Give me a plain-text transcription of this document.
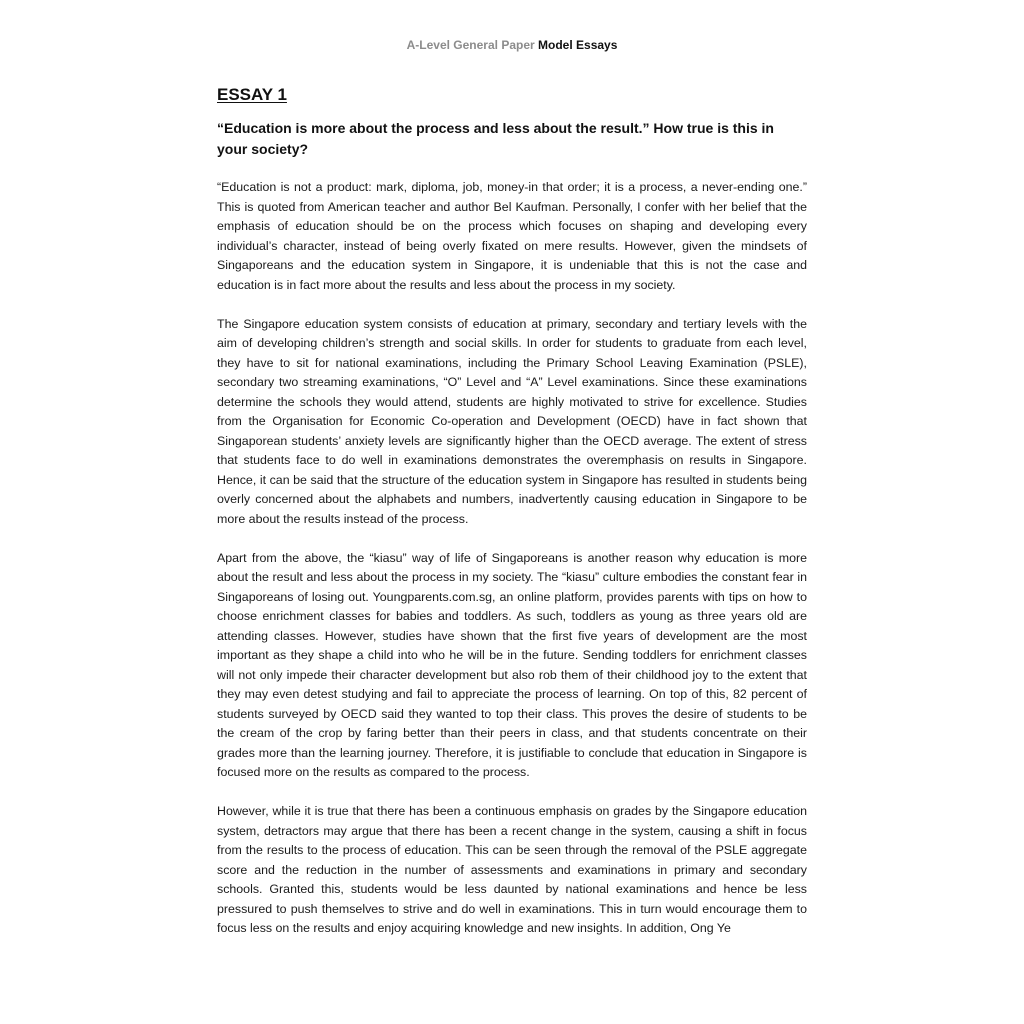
A-Level General Paper Model Essays
ESSAY 1
“Education is more about the process and less about the result.” How true is this in your society?

“Education is not a product: mark, diploma, job, money-in that order; it is a process, a never-ending one.” This is quoted from American teacher and author Bel Kaufman. Personally, I confer with her belief that the emphasis of education should be on the process which focuses on shaping and developing every individual’s character, instead of being overly fixated on mere results. However, given the mindsets of Singaporeans and the education system in Singapore, it is undeniable that this is not the case and education is in fact more about the results and less about the process in my society.

The Singapore education system consists of education at primary, secondary and tertiary levels with the aim of developing children’s strength and social skills. In order for students to graduate from each level, they have to sit for national examinations, including the Primary School Leaving Examination (PSLE), secondary two streaming examinations, “O” Level and “A” Level examinations. Since these examinations determine the schools they would attend, students are highly motivated to strive for excellence. Studies from the Organisation for Economic Co-operation and Development (OECD) have in fact shown that Singaporean students’ anxiety levels are significantly higher than the OECD average. The extent of stress that students face to do well in examinations demonstrates the overemphasis on results in Singapore. Hence, it can be said that the structure of the education system in Singapore has resulted in students being overly concerned about the alphabets and numbers, inadvertently causing education in Singapore to be more about the results instead of the process.

Apart from the above, the “kiasu” way of life of Singaporeans is another reason why education is more about the result and less about the process in my society. The “kiasu” culture embodies the constant fear in Singaporeans of losing out. Youngparents.com.sg, an online platform, provides parents with tips on how to choose enrichment classes for babies and toddlers. As such, toddlers as young as three years old are attending classes. However, studies have shown that the first five years of development are the most important as they shape a child into who he will be in the future. Sending toddlers for enrichment classes will not only impede their character development but also rob them of their childhood joy to the extent that they may even detest studying and fail to appreciate the process of learning. On top of this, 82 percent of students surveyed by OECD said they wanted to top their class. This proves the desire of students to be the cream of the crop by faring better than their peers in class, and that students concentrate on their grades more than the learning journey. Therefore, it is justifiable to conclude that education in Singapore is focused more on the results as compared to the process.

However, while it is true that there has been a continuous emphasis on grades by the Singapore education system, detractors may argue that there has been a recent change in the system, causing a shift in focus from the results to the process of education. This can be seen through the removal of the PSLE aggregate score and the reduction in the number of assessments and examinations in primary and secondary schools. Granted this, students would be less daunted by national examinations and hence be less pressured to push themselves to strive and do well in examinations. This in turn would encourage them to focus less on the results and enjoy acquiring knowledge and new insights. In addition, Ong Ye
